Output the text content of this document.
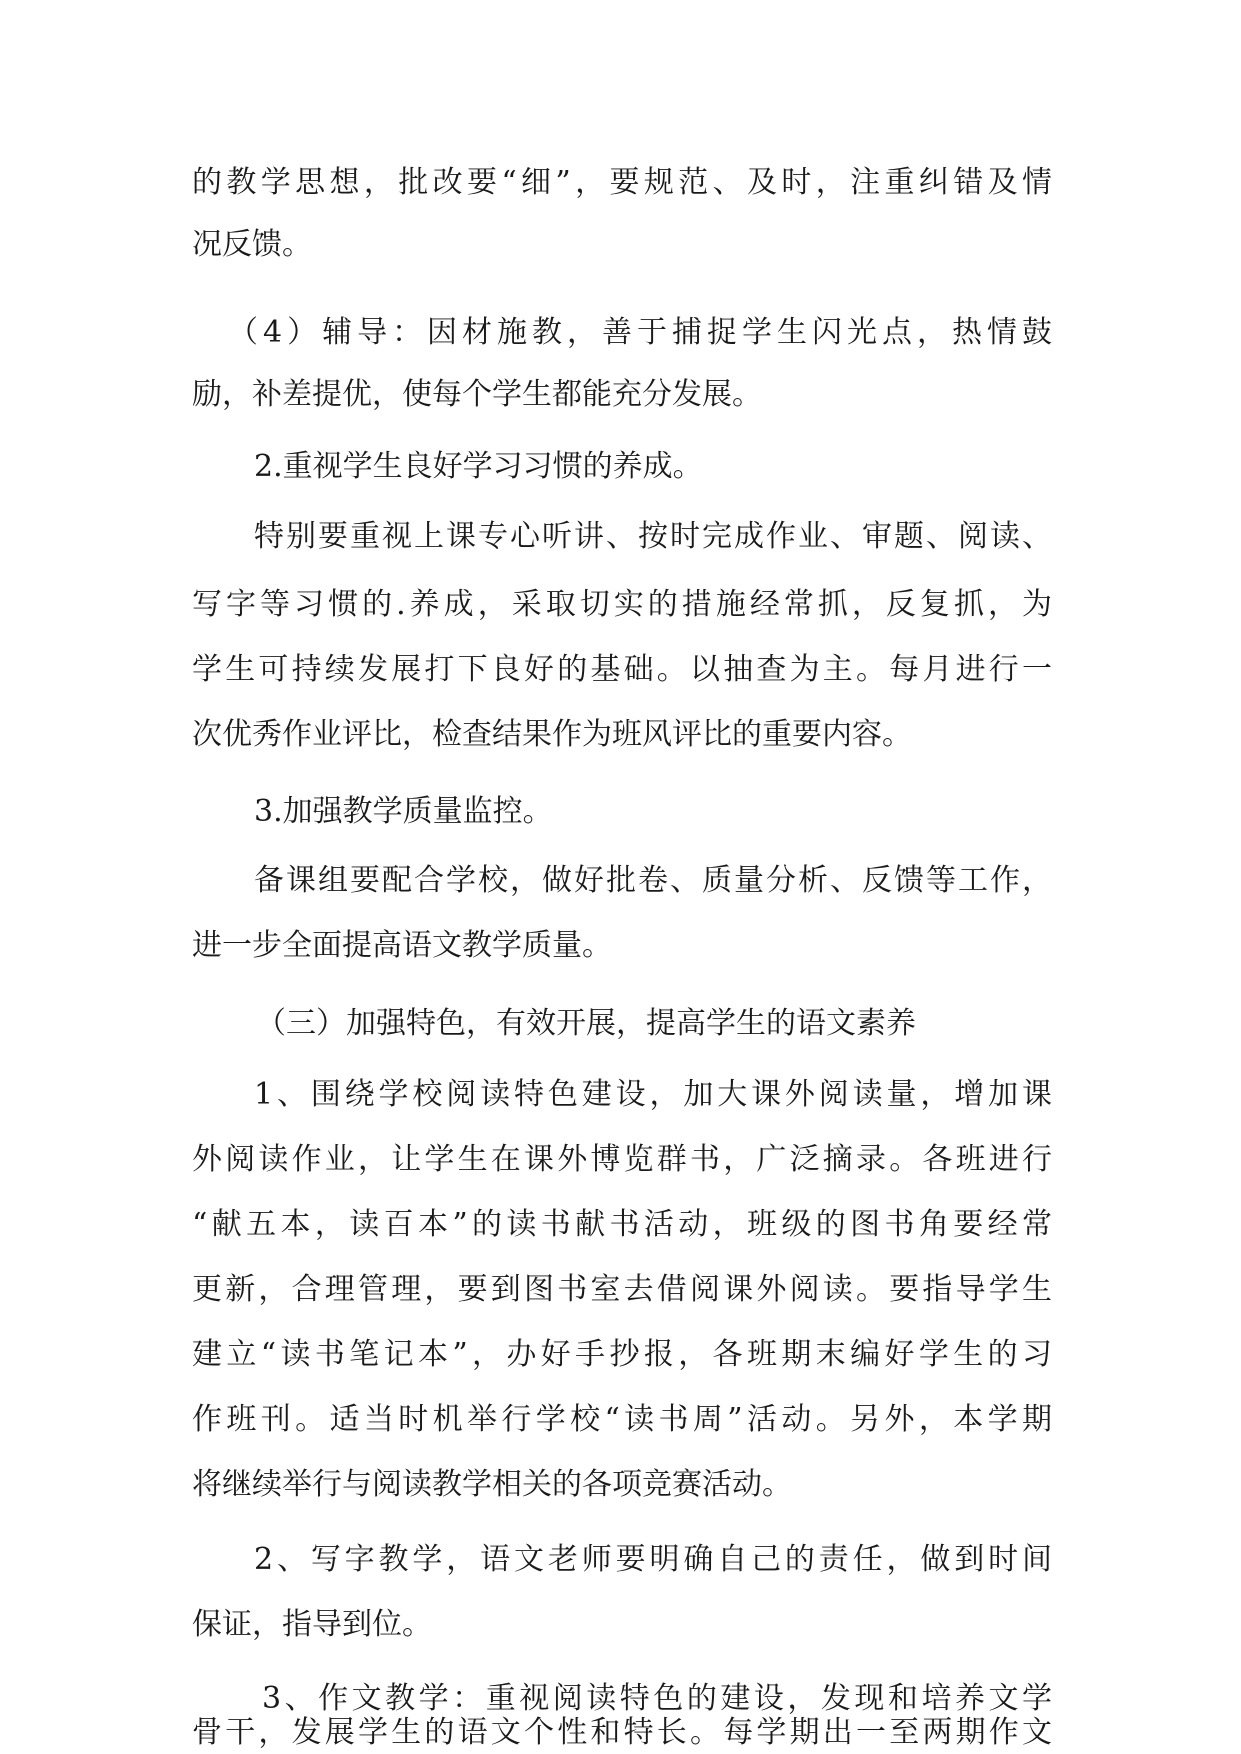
的教学思想，批改要“细”，要规范、及时，注重纠错及情
况反馈。
（4）辅导：因材施教，善于捕捉学生闪光点，热情鼓
励，补差提优，使每个学生都能充分发展。
2.重视学生良好学习习惯的养成。
特别要重视上课专心听讲、按时完成作业、审题、阅读、
写字等习惯的.养成，采取切实的措施经常抓，反复抓，为
学生可持续发展打下良好的基础。以抽查为主。每月进行一
次优秀作业评比，检查结果作为班风评比的重要内容。
3.加强教学质量监控。
备课组要配合学校，做好批卷、质量分析、反馈等工作，
进一步全面提高语文教学质量。
（三）加强特色，有效开展，提高学生的语文素养
1、围绕学校阅读特色建设，加大课外阅读量，增加课
外阅读作业，让学生在课外博览群书，广泛摘录。各班进行
“献五本，读百本”的读书献书活动，班级的图书角要经常
更新，合理管理，要到图书室去借阅课外阅读。要指导学生
建立“读书笔记本”，办好手抄报，各班期末编好学生的习
作班刊。适当时机举行学校“读书周”活动。另外，本学期
将继续举行与阅读教学相关的各项竞赛活动。
2、写字教学，语文老师要明确自己的责任，做到时间
保证，指导到位。
3、作文教学：重视阅读特色的建设，发现和培养文学
骨干，发展学生的语文个性和特长。每学期出一至两期作文
